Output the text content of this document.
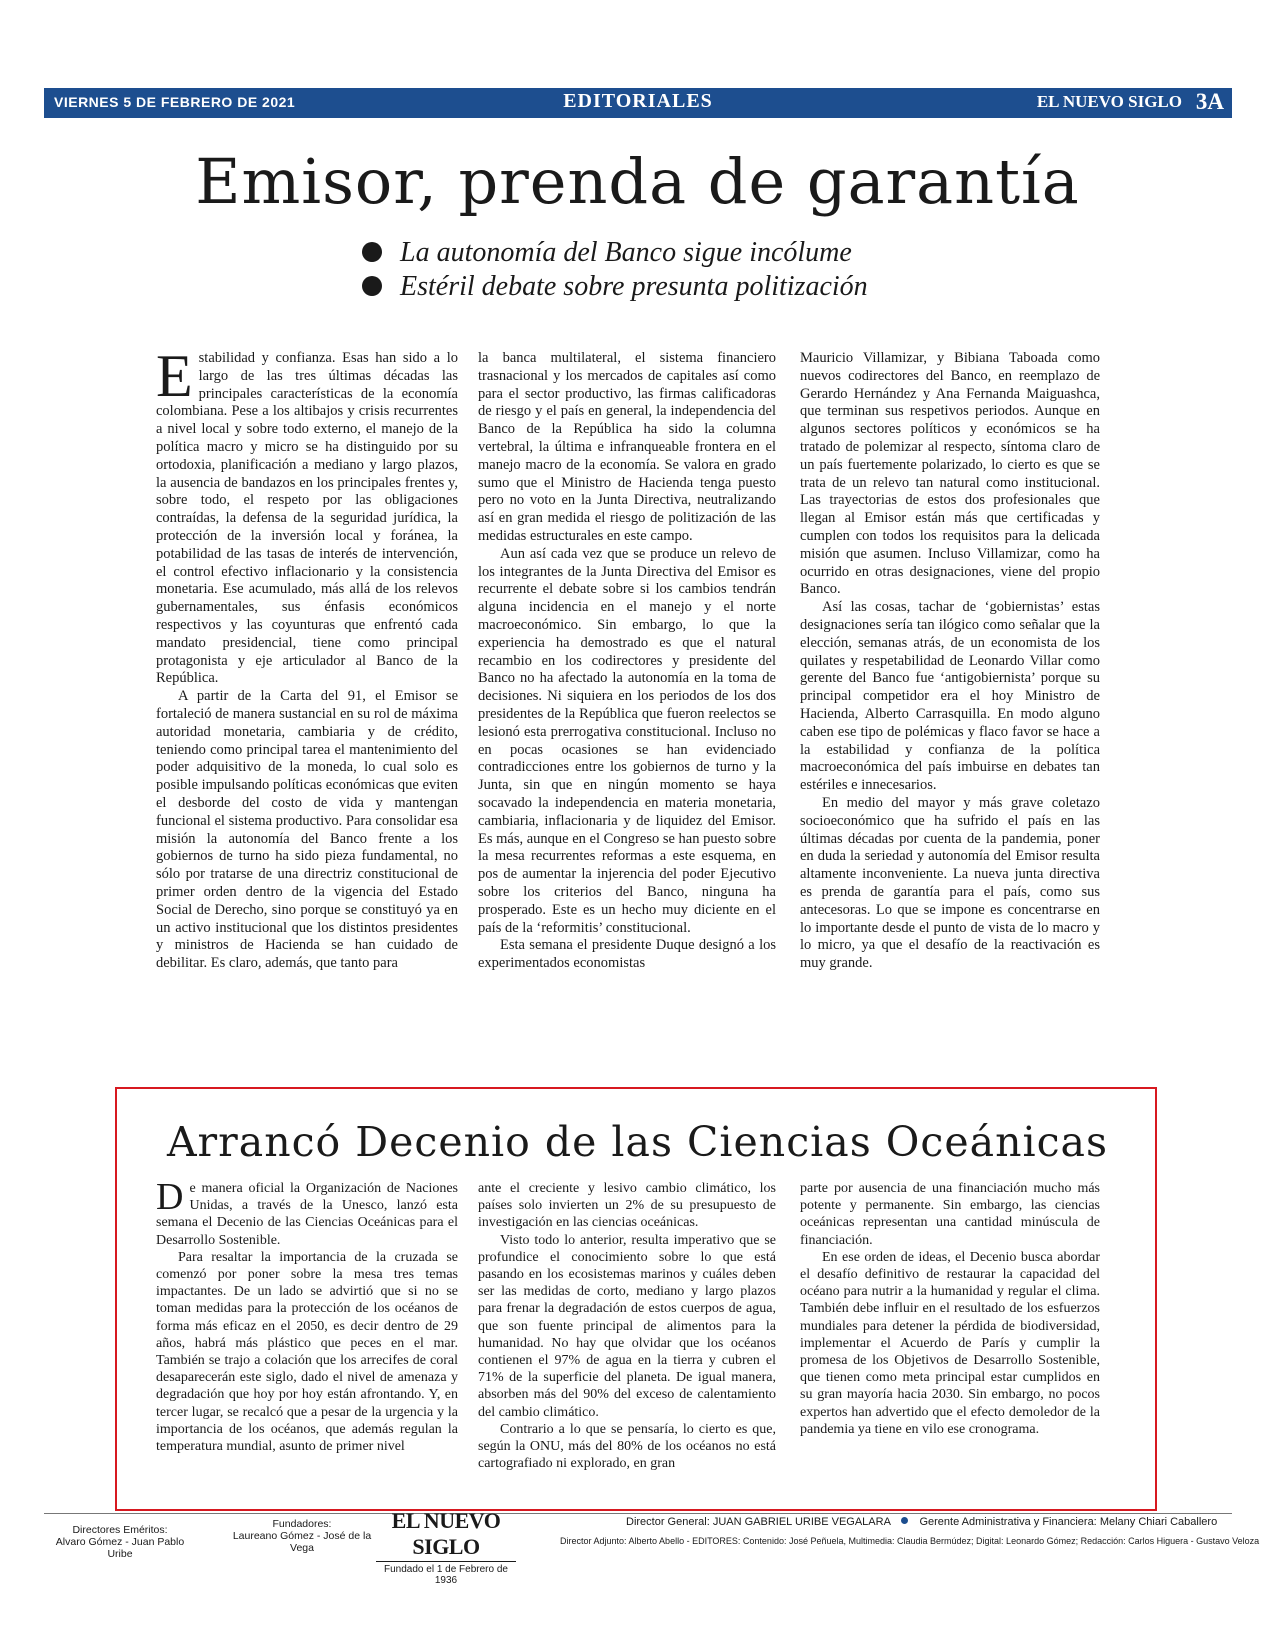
VIERNES 5 DE FEBRERO DE 2021	EDITORIALES	EL NUEVO SIGLO 3A
Emisor, prenda de garantía
La autonomía del Banco sigue incólume
Estéril debate sobre presunta politización

Estabilidad y confianza. Esas han sido a lo largo de las tres últimas décadas las principales características de la economía colombiana. Pese a los altibajos y crisis recurrentes a nivel local y sobre todo externo, el manejo de la política macro y micro se ha distinguido por su ortodoxia, planificación a mediano y largo plazos, la ausencia de bandazos en los principales frentes y, sobre todo, el respeto por las obligaciones contraídas, la defensa de la seguridad jurídica, la protección de la inversión local y foránea, la potabilidad de las tasas de interés de intervención, el control efectivo inflacionario y la consistencia monetaria. Ese acumulado, más allá de los relevos gubernamentales, sus énfasis económicos respectivos y las coyunturas que enfrentó cada mandato presidencial, tiene como principal protagonista y eje articulador al Banco de la República.

A partir de la Carta del 91, el Emisor se fortaleció de manera sustancial en su rol de máxima autoridad monetaria, cambiaria y de crédito, teniendo como principal tarea el mantenimiento del poder adquisitivo de la moneda, lo cual solo es posible impulsando políticas económicas que eviten el desborde del costo de vida y mantengan funcional el sistema productivo. Para consolidar esa misión la autonomía del Banco frente a los gobiernos de turno ha sido pieza fundamental, no sólo por tratarse de una directriz constitucional de primer orden dentro de la vigencia del Estado Social de Derecho, sino porque se constituyó ya en un activo institucional que los distintos presidentes y ministros de Hacienda se han cuidado de debilitar. Es claro, además, que tanto para

la banca multilateral, el sistema financiero trasnacional y los mercados de capitales así como para el sector productivo, las firmas calificadoras de riesgo y el país en general, la independencia del Banco de la República ha sido la columna vertebral, la última e infranqueable frontera en el manejo macro de la economía. Se valora en grado sumo que el Ministro de Hacienda tenga puesto pero no voto en la Junta Directiva, neutralizando así en gran medida el riesgo de politización de las medidas estructurales en este campo.

Aun así cada vez que se produce un relevo de los integrantes de la Junta Directiva del Emisor es recurrente el debate sobre si los cambios tendrán alguna incidencia en el manejo y el norte macroeconómico. Sin embargo, lo que la experiencia ha demostrado es que el natural recambio en los codirectores y presidente del Banco no ha afectado la autonomía en la toma de decisiones. Ni siquiera en los periodos de los dos presidentes de la República que fueron reelectos se lesionó esta prerrogativa constitucional. Incluso no en pocas ocasiones se han evidenciado contradicciones entre los gobiernos de turno y la Junta, sin que en ningún momento se haya socavado la independencia en materia monetaria, cambiaria, inflacionaria y de liquidez del Emisor. Es más, aunque en el Congreso se han puesto sobre la mesa recurrentes reformas a este esquema, en pos de aumentar la injerencia del poder Ejecutivo sobre los criterios del Banco, ninguna ha prosperado. Este es un hecho muy diciente en el país de la ‘reformitis’ constitucional.

Esta semana el presidente Duque designó a los experimentados economistas

Mauricio Villamizar, y Bibiana Taboada como nuevos codirectores del Banco, en reemplazo de Gerardo Hernández y Ana Fernanda Maiguashca, que terminan sus respetivos periodos. Aunque en algunos sectores políticos y económicos se ha tratado de polemizar al respecto, síntoma claro de un país fuertemente polarizado, lo cierto es que se trata de un relevo tan natural como institucional. Las trayectorias de estos dos profesionales que llegan al Emisor están más que certificadas y cumplen con todos los requisitos para la delicada misión que asumen. Incluso Villamizar, como ha ocurrido en otras designaciones, viene del propio Banco.

Así las cosas, tachar de ‘gobiernistas’ estas designaciones sería tan ilógico como señalar que la elección, semanas atrás, de un economista de los quilates y respetabilidad de Leonardo Villar como gerente del Banco fue ‘antigobiernista’ porque su principal competidor era el hoy Ministro de Hacienda, Alberto Carrasquilla. En modo alguno caben ese tipo de polémicas y flaco favor se hace a la estabilidad y confianza de la política macroeconómica del país imbuirse en debates tan estériles e innecesarios.

En medio del mayor y más grave coletazo socioeconómico que ha sufrido el país en las últimas décadas por cuenta de la pandemia, poner en duda la seriedad y autonomía del Emisor resulta altamente inconveniente. La nueva junta directiva es prenda de garantía para el país, como sus antecesoras. Lo que se impone es concentrarse en lo importante desde el punto de vista de lo macro y lo micro, ya que el desafío de la reactivación es muy grande.

Arrancó Decenio de las Ciencias Oceánicas

De manera oficial la Organización de Naciones Unidas, a través de la Unesco, lanzó esta semana el Decenio de las Ciencias Oceánicas para el Desarrollo Sostenible.

Para resaltar la importancia de la cruzada se comenzó por poner sobre la mesa tres temas impactantes. De un lado se advirtió que si no se toman medidas para la protección de los océanos de forma más eficaz en el 2050, es decir dentro de 29 años, habrá más plástico que peces en el mar. También se trajo a colación que los arrecifes de coral desaparecerán este siglo, dado el nivel de amenaza y degradación que hoy por hoy están afrontando. Y, en tercer lugar, se recalcó que a pesar de la urgencia y la importancia de los océanos, que además regulan la temperatura mundial, asunto de primer nivel

ante el creciente y lesivo cambio climático, los países solo invierten un 2% de su presupuesto de investigación en las ciencias oceánicas.

Visto todo lo anterior, resulta imperativo que se profundice el conocimiento sobre lo que está pasando en los ecosistemas marinos y cuáles deben ser las medidas de corto, mediano y largo plazos para frenar la degradación de estos cuerpos de agua, que son fuente principal de alimentos para la humanidad. No hay que olvidar que los océanos contienen el 97% de agua en la tierra y cubren el 71% de la superficie del planeta. De igual manera, absorben más del 90% del exceso de calentamiento del cambio climático.

Contrario a lo que se pensaría, lo cierto es que, según la ONU, más del 80% de los océanos no está cartografiado ni explorado, en gran

parte por ausencia de una financiación mucho más potente y permanente. Sin embargo, las ciencias oceánicas representan una cantidad minúscula de financiación.

En ese orden de ideas, el Decenio busca abordar el desafío definitivo de restaurar la capacidad del océano para nutrir a la humanidad y regular el clima. También debe influir en el resultado de los esfuerzos mundiales para detener la pérdida de biodiversidad, implementar el Acuerdo de París y cumplir la promesa de los Objetivos de Desarrollo Sostenible, que tienen como meta principal estar cumplidos en su gran mayoría hacia 2030. Sin embargo, no pocos expertos han advertido que el efecto demoledor de la pandemia ya tiene en vilo ese cronograma.

Directores Eméritos:
Alvaro Gómez - Juan Pablo Uribe
Fundadores:
Laureano Gómez - José de la Vega
EL NUEVO SIGLO
Fundado el 1 de Febrero de 1936
Director General: JUAN GABRIEL URIBE VEGALARA	Gerente Administrativa y Financiera: Melany Chiari Caballero
Director Adjunto: Alberto Abello - EDITORES: Contenido: José Peñuela, Multimedia: Claudia Bermúdez; Digital: Leonardo Gómez; Redacción: Carlos Higuera - Gustavo Veloza
